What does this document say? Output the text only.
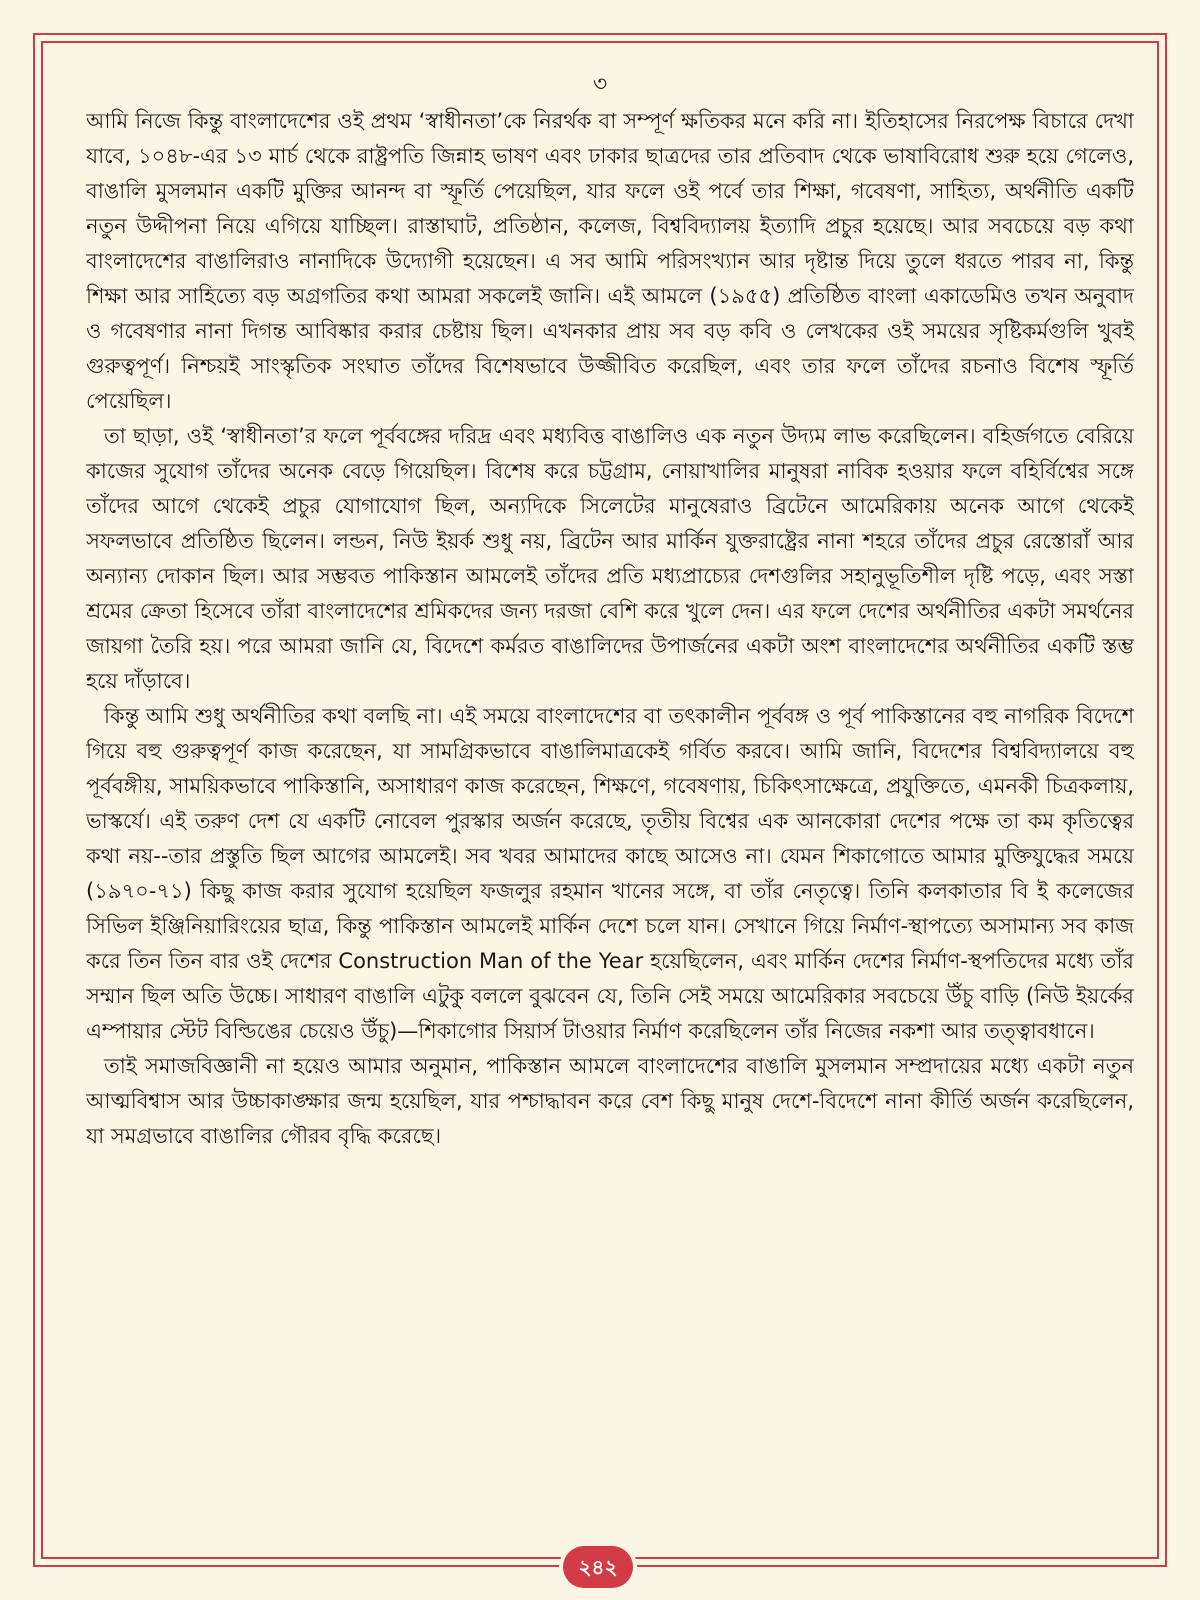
৩

আমি নিজে কিন্তু বাংলাদেশের ওই প্রথম ‘স্বাধীনতা’কে নিরর্থক বা সম্পূর্ণ ক্ষতিকর মনে করি না। ইতিহাসের নিরপেক্ষ বিচারে দেখা যাবে, ১০৪৮-এর ১৩ মার্চ থেকে রাষ্ট্রপতি জিন্নাহ ভাষণ এবং ঢাকার ছাত্রদের তার প্রতিবাদ থেকে ভাষাবিরোধ শুরু হয়ে গেলেও, বাঙালি মুসলমান একটি মুক্তির আনন্দ বা স্ফূর্তি পেয়েছিল, যার ফলে ওই পর্বে তার শিক্ষা, গবেষণা, সাহিত্য, অর্থনীতি একটি নতুন উদ্দীপনা নিয়ে এগিয়ে যাচ্ছিল। রাস্তাঘাট, প্রতিষ্ঠান, কলেজ, বিশ্ববিদ্যালয় ইত্যাদি প্রচুর হয়েছে। আর সবচেয়ে বড় কথা বাংলাদেশের বাঙালিরাও নানাদিকে উদ্যোগী হয়েছেন। এ সব আমি পরিসংখ্যান আর দৃষ্টান্ত দিয়ে তুলে ধরতে পারব না, কিন্তু শিক্ষা আর সাহিত্যে বড় অগ্রগতির কথা আমরা সকলেই জানি। এই আমলে (১৯৫৫) প্রতিষ্ঠিত বাংলা একাডেমিও তখন অনুবাদ ও গবেষণার নানা দিগন্ত আবিষ্কার করার চেষ্টায় ছিল। এখনকার প্রায় সব বড় কবি ও লেখকের ওই সময়ের সৃষ্টিকর্মগুলি খুবই গুরুত্বপূর্ণ। নিশ্চয়ই সাংস্কৃতিক সংঘাত তাঁদের বিশেষভাবে উজ্জীবিত করেছিল, এবং তার ফলে তাঁদের রচনাও বিশেষ স্ফূর্তি পেয়েছিল।

তা ছাড়া, ওই ‘স্বাধীনতা’র ফলে পূর্ববঙ্গের দরিদ্র এবং মধ্যবিত্ত বাঙালিও এক নতুন উদ্যম লাভ করেছিলেন। বহির্জগতে বেরিয়ে কাজের সুযোগ তাঁদের অনেক বেড়ে গিয়েছিল। বিশেষ করে চট্টগ্রাম, নোয়াখালির মানুষরা নাবিক হওয়ার ফলে বহির্বিশ্বের সঙ্গে তাঁদের আগে থেকেই প্রচুর যোগাযোগ ছিল, অন্যদিকে সিলেটের মানুষেরাও ব্রিটেনে আমেরিকায় অনেক আগে থেকেই সফলভাবে প্রতিষ্ঠিত ছিলেন। লন্ডন, নিউ ইয়র্ক শুধু নয়, ব্রিটেন আর মার্কিন যুক্তরাষ্ট্রের নানা শহরে তাঁদের প্রচুর রেস্তোরাঁ আর অন্যান্য দোকান ছিল। আর সম্ভবত পাকিস্তান আমলেই তাঁদের প্রতি মধ্যপ্রাচ্যের দেশগুলির সহানুভূতিশীল দৃষ্টি পড়ে, এবং সস্তা শ্রমের ক্রেতা হিসেবে তাঁরা বাংলাদেশের শ্রমিকদের জন্য দরজা বেশি করে খুলে দেন। এর ফলে দেশের অর্থনীতির একটা সমর্থনের জায়গা তৈরি হয়। পরে আমরা জানি যে, বিদেশে কর্মরত বাঙালিদের উপার্জনের একটা অংশ বাংলাদেশের অর্থনীতির একটি স্তম্ভ হয়ে দাঁড়াবে।

কিন্তু আমি শুধু অর্থনীতির কথা বলছি না। এই সময়ে বাংলাদেশের বা তৎকালীন পূর্ববঙ্গ ও পূর্ব পাকিস্তানের বহু নাগরিক বিদেশে গিয়ে বহু গুরুত্বপূর্ণ কাজ করেছেন, যা সামগ্রিকভাবে বাঙালিমাত্রকেই গর্বিত করবে। আমি জানি, বিদেশের বিশ্ববিদ্যালয়ে বহু পূর্ববঙ্গীয়, সাময়িকভাবে পাকিস্তানি, অসাধারণ কাজ করেছেন, শিক্ষণে, গবেষণায়, চিকিৎসাক্ষেত্রে, প্রযুক্তিতে, এমনকী চিত্রকলায়, ভাস্কর্যে। এই তরুণ দেশ যে একটি নোবেল পুরস্কার অর্জন করেছে, তৃতীয় বিশ্বের এক আনকোরা দেশের পক্ষে তা কম কৃতিত্বের কথা নয়--তার প্রস্তুতি ছিল আগের আমলেই। সব খবর আমাদের কাছে আসেও না। যেমন শিকাগোতে আমার মুক্তিযুদ্ধের সময়ে (১৯৭০-৭১) কিছু কাজ করার সুযোগ হয়েছিল ফজলুর রহমান খানের সঙ্গে, বা তাঁর নেতৃত্বে। তিনি কলকাতার বি ই কলেজের সিভিল ইঞ্জিনিয়ারিংয়ের ছাত্র, কিন্তু পাকিস্তান আমলেই মার্কিন দেশে চলে যান। সেখানে গিয়ে নির্মাণ-স্থাপত্যে অসামান্য সব কাজ করে তিন তিন বার ওই দেশের Construction Man of the Year হয়েছিলেন, এবং মার্কিন দেশের নির্মাণ-স্থপতিদের মধ্যে তাঁর সম্মান ছিল অতি উচ্চে। সাধারণ বাঙালি এটুকু বললে বুঝবেন যে, তিনি সেই সময়ে আমেরিকার সবচেয়ে উঁচু বাড়ি (নিউ ইয়র্কের এম্পায়ার স্টেট বিল্ডিঙের চেয়েও উঁচু)—শিকাগোর সিয়ার্স টাওয়ার নির্মাণ করেছিলেন তাঁর নিজের নকশা আর তত্ত্বাবধানে।

তাই সমাজবিজ্ঞানী না হয়েও আমার অনুমান, পাকিস্তান আমলে বাংলাদেশের বাঙালি মুসলমান সম্প্রদায়ের মধ্যে একটা নতুন আত্মবিশ্বাস আর উচ্চাকাঙ্ক্ষার জন্ম হয়েছিল, যার পশ্চাদ্ধাবন করে বেশ কিছু মানুষ দেশে-বিদেশে নানা কীর্তি অর্জন করেছিলেন, যা সমগ্রভাবে বাঙালির গৌরব বৃদ্ধি করেছে।

২৪২
